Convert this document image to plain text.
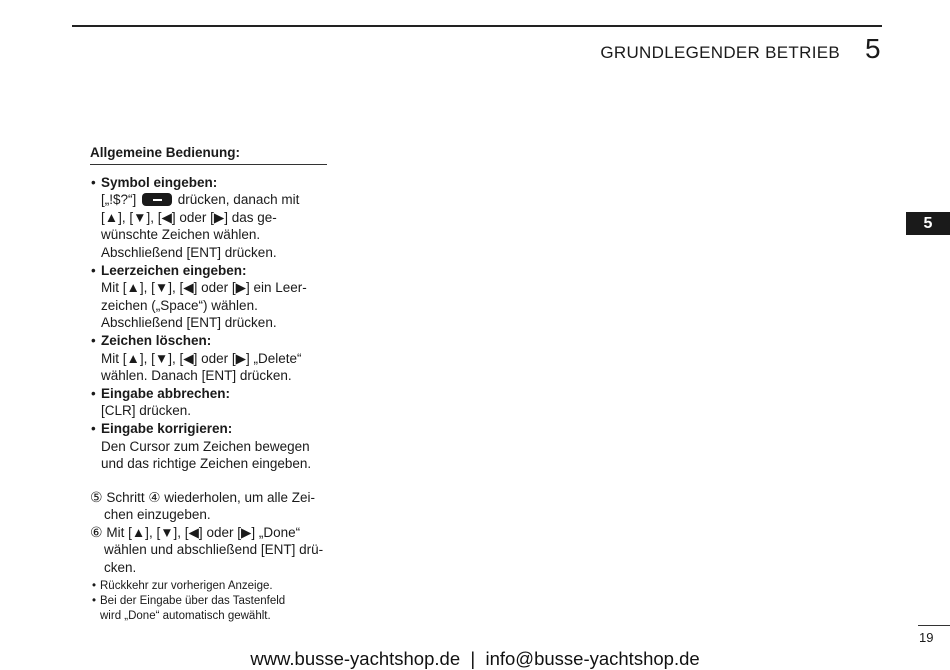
GRUNDLEGENDER BETRIEB 5
5
Allgemeine Bedienung:
• Symbol eingeben:
[„!$?“]	drücken, danach mit
[▲], [▼], [◀] oder [▶] das ge-
wünschte Zeichen wählen.
Abschließend [ENT] drücken.
• Leerzeichen eingeben:
Mit [▲], [▼], [◀] oder [▶] ein Leer-
zeichen („Space“) wählen.
Abschließend [ENT] drücken.
• Zeichen löschen:
Mit [▲], [▼], [◀] oder [▶] „Delete“
wählen. Danach [ENT] drücken.
• Eingabe abbrechen:
[CLR] drücken.
• Eingabe korrigieren:
Den Cursor zum Zeichen bewegen
und das richtige Zeichen eingeben.
⑤ Schritt ④ wiederholen, um alle Zei-
chen einzugeben.
⑥ Mit [▲], [▼], [◀] oder [▶] „Done“
wählen und abschließend [ENT] drü-
cken.
• Rückkehr zur vorherigen Anzeige.
• Bei der Eingabe über das Tastenfeld
wird „Done“ automatisch gewählt.
19
www.busse-yachtshop.de  |  info@busse-yachtshop.de
